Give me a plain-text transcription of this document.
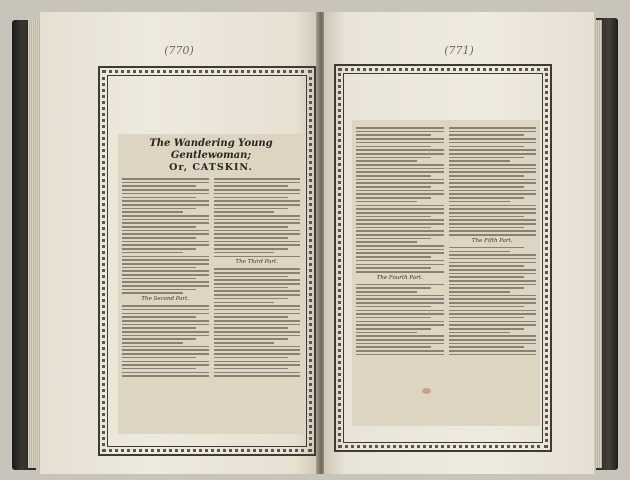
(770)
The Wandering Young Gentlewoman;
Or, CATSKIN.
The Second Part.
The Third Part.
(771)
The Fourth Part.
The Fifth Part.
